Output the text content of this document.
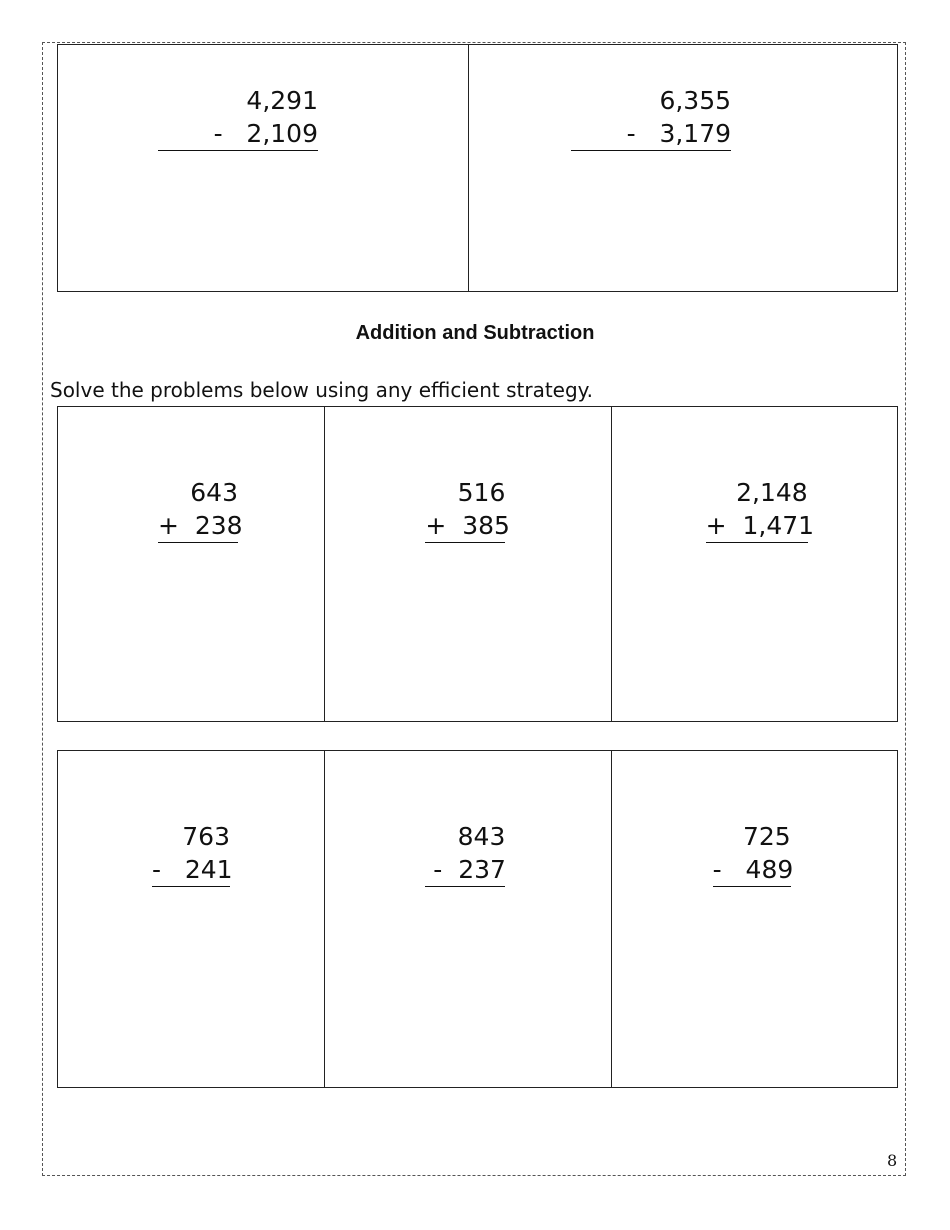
4,291
-   2,109
6,355
-   3,179
Addition and Subtraction
Solve the problems below using any efficient strategy.
643
+  238
516
+  385
2,148
+  1,471
763
-   241
843
-  237
725
-   489
8
